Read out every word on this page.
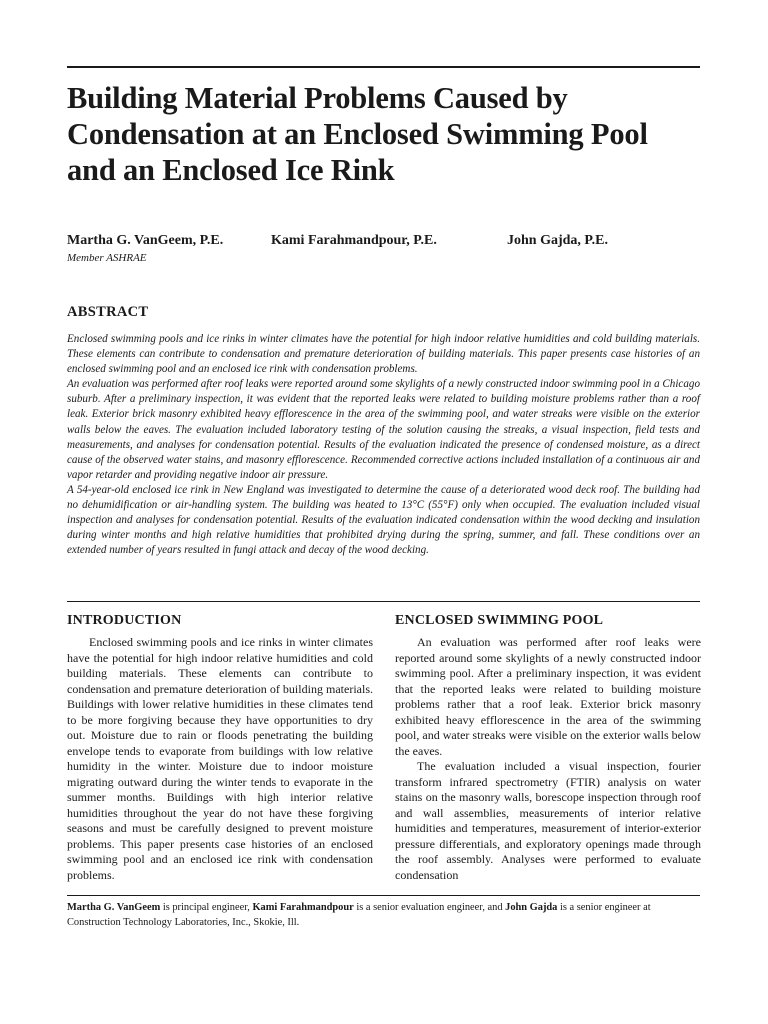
Building Material Problems Caused by
Condensation at an Enclosed Swimming Pool
and an Enclosed Ice Rink
Martha G. VanGeem, P.E.	Kami Farahmandpour, P.E.	John Gajda, P.E.
Member ASHRAE
ABSTRACT

Enclosed swimming pools and ice rinks in winter climates have the potential for high indoor relative humidities and cold building materials. These elements can contribute to condensation and premature deterioration of building materials. This paper presents case histories of an enclosed swimming pool and an enclosed ice rink with condensation problems.

An evaluation was performed after roof leaks were reported around some skylights of a newly constructed indoor swimming pool in a Chicago suburb. After a preliminary inspection, it was evident that the reported leaks were related to building moisture problems rather than a roof leak. Exterior brick masonry exhibited heavy efflorescence in the area of the swimming pool, and water streaks were visible on the exterior walls below the eaves. The evaluation included laboratory testing of the solution causing the streaks, a visual inspection, field tests and measurements, and analyses for condensation potential. Results of the evaluation indicated the presence of condensed moisture, as a direct cause of the observed water stains, and masonry efflorescence. Recommended corrective actions included installation of a continuous air and vapor retarder and providing negative indoor air pressure.

A 54-year-old enclosed ice rink in New England was investigated to determine the cause of a deteriorated wood deck roof. The building had no dehumidification or air-handling system. The building was heated to 13°C (55°F) only when occupied. The evaluation included visual inspection and analyses for condensation potential. Results of the evaluation indicated condensation within the wood decking and insulation during winter months and high relative humidities that prohibited drying during the spring, summer, and fall. These conditions over an extended number of years resulted in fungi attack and decay of the wood decking.

INTRODUCTION

Enclosed swimming pools and ice rinks in winter climates have the potential for high indoor relative humidities and cold building materials. These elements can contribute to condensation and premature deterioration of building materials. Buildings with lower relative humidities in these climates tend to be more forgiving because they have opportunities to dry out. Moisture due to rain or floods penetrating the building envelope tends to evaporate from buildings with low relative humidity in the winter. Moisture due to indoor moisture migrating outward during the winter tends to evaporate in the summer months. Buildings with high interior relative humidities throughout the year do not have these forgiving seasons and must be carefully designed to prevent moisture problems. This paper presents case histories of an enclosed swimming pool and an enclosed ice rink with condensation problems.

ENCLOSED SWIMMING POOL

An evaluation was performed after roof leaks were reported around some skylights of a newly constructed indoor swimming pool. After a preliminary inspection, it was evident that the reported leaks were related to building moisture problems rather that a roof leak. Exterior brick masonry exhibited heavy efflorescence in the area of the swimming pool, and water streaks were visible on the exterior walls below the eaves.

The evaluation included a visual inspection, fourier transform infrared spectrometry (FTIR) analysis on water stains on the masonry walls, borescope inspection through roof and wall assemblies, measurements of interior relative humidities and temperatures, measurement of interior-exterior pressure differentials, and exploratory openings made through the roof assembly. Analyses were performed to evaluate condensation

Martha G. VanGeem is principal engineer, Kami Farahmandpour is a senior evaluation engineer, and John Gajda is a senior engineer at Construction Technology Laboratories, Inc., Skokie, Ill.
